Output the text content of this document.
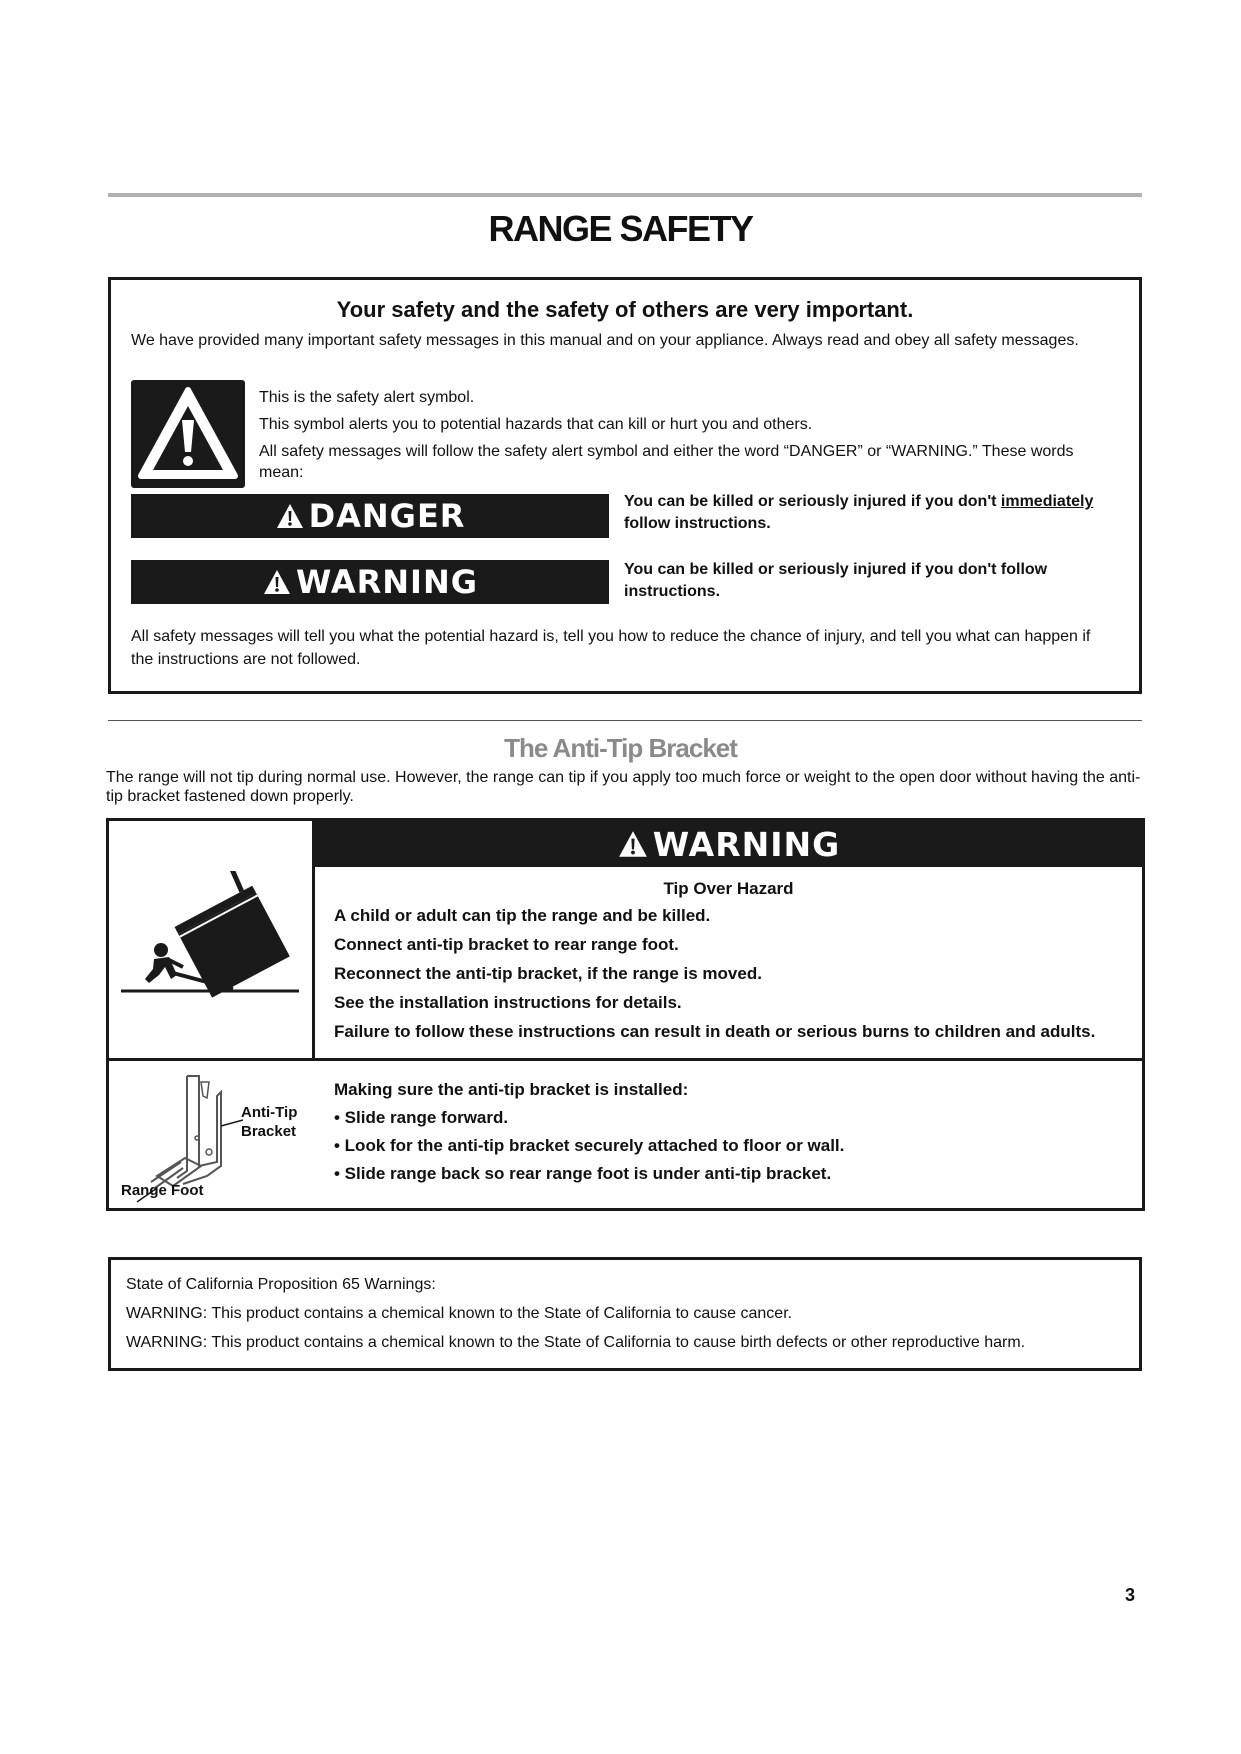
RANGE SAFETY
Your safety and the safety of others are very important.
We have provided many important safety messages in this manual and on your appliance. Always read and obey all safety messages.
This is the safety alert symbol.
This symbol alerts you to potential hazards that can kill or hurt you and others.
All safety messages will follow the safety alert symbol and either the word “DANGER” or “WARNING.” These words mean:
DANGER	You can be killed or seriously injured if you don't immediately follow instructions.
WARNING	You can be killed or seriously injured if you don't follow instructions.
All safety messages will tell you what the potential hazard is, tell you how to reduce the chance of injury, and tell you what can happen if the instructions are not followed.
The Anti-Tip Bracket
The range will not tip during normal use. However, the range can tip if you apply too much force or weight to the open door without having the anti-tip bracket fastened down properly.
WARNING
Tip Over Hazard
A child or adult can tip the range and be killed.
Connect anti-tip bracket to rear range foot.
Reconnect the anti-tip bracket, if the range is moved.
See the installation instructions for details.
Failure to follow these instructions can result in death or serious burns to children and adults.
Anti-Tip Bracket
Range Foot
Making sure the anti-tip bracket is installed:
• Slide range forward.
• Look for the anti-tip bracket securely attached to floor or wall.
• Slide range back so rear range foot is under anti-tip bracket.
State of California Proposition 65 Warnings:
WARNING: This product contains a chemical known to the State of California to cause cancer.
WARNING: This product contains a chemical known to the State of California to cause birth defects or other reproductive harm.
3
